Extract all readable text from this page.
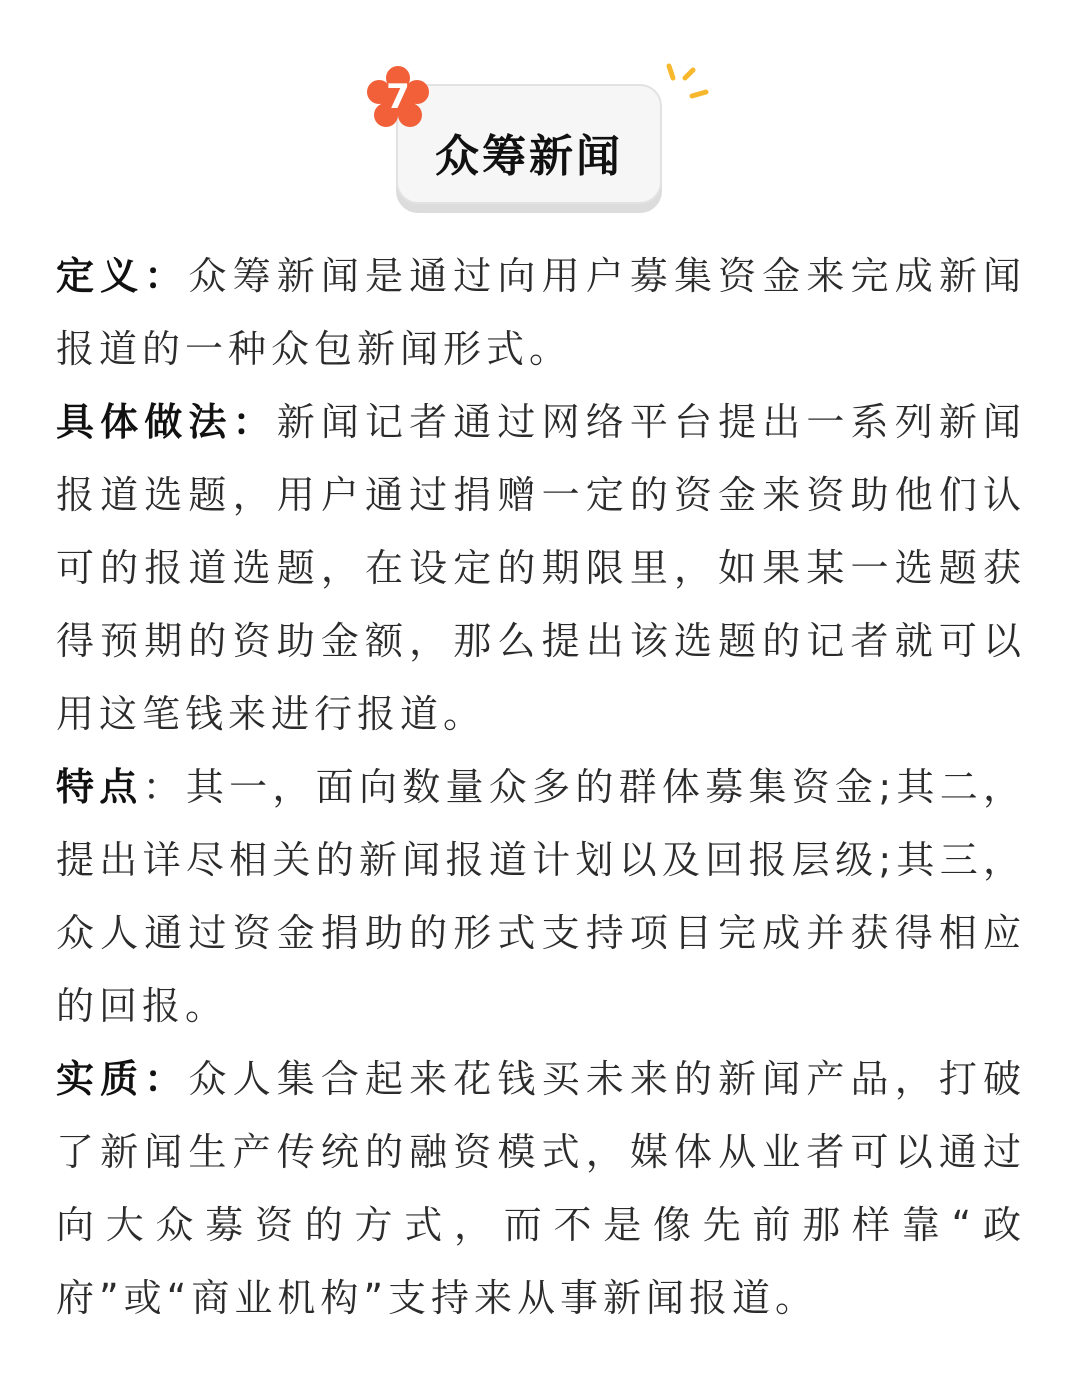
众筹新闻
7

定义：众筹新闻是通过向用户募集资金来完成新闻报道的一种众包新闻形式。

具体做法：新闻记者通过网络平台提出一系列新闻报道选题，用户通过捐赠一定的资金来资助他们认可的报道选题，在设定的期限里，如果某一选题获得预期的资助金额，那么提出该选题的记者就可以用这笔钱来进行报道。

特点：其一，面向数量众多的群体募集资金;其二，提出详尽相关的新闻报道计划以及回报层级;其三，众人通过资金捐助的形式支持项目完成并获得相应的回报。

实质：众人集合起来花钱买未来的新闻产品，打破了新闻生产传统的融资模式，媒体从业者可以通过向大众募资的方式，而不是像先前那样靠“政府”或“商业机构”支持来从事新闻报道。
